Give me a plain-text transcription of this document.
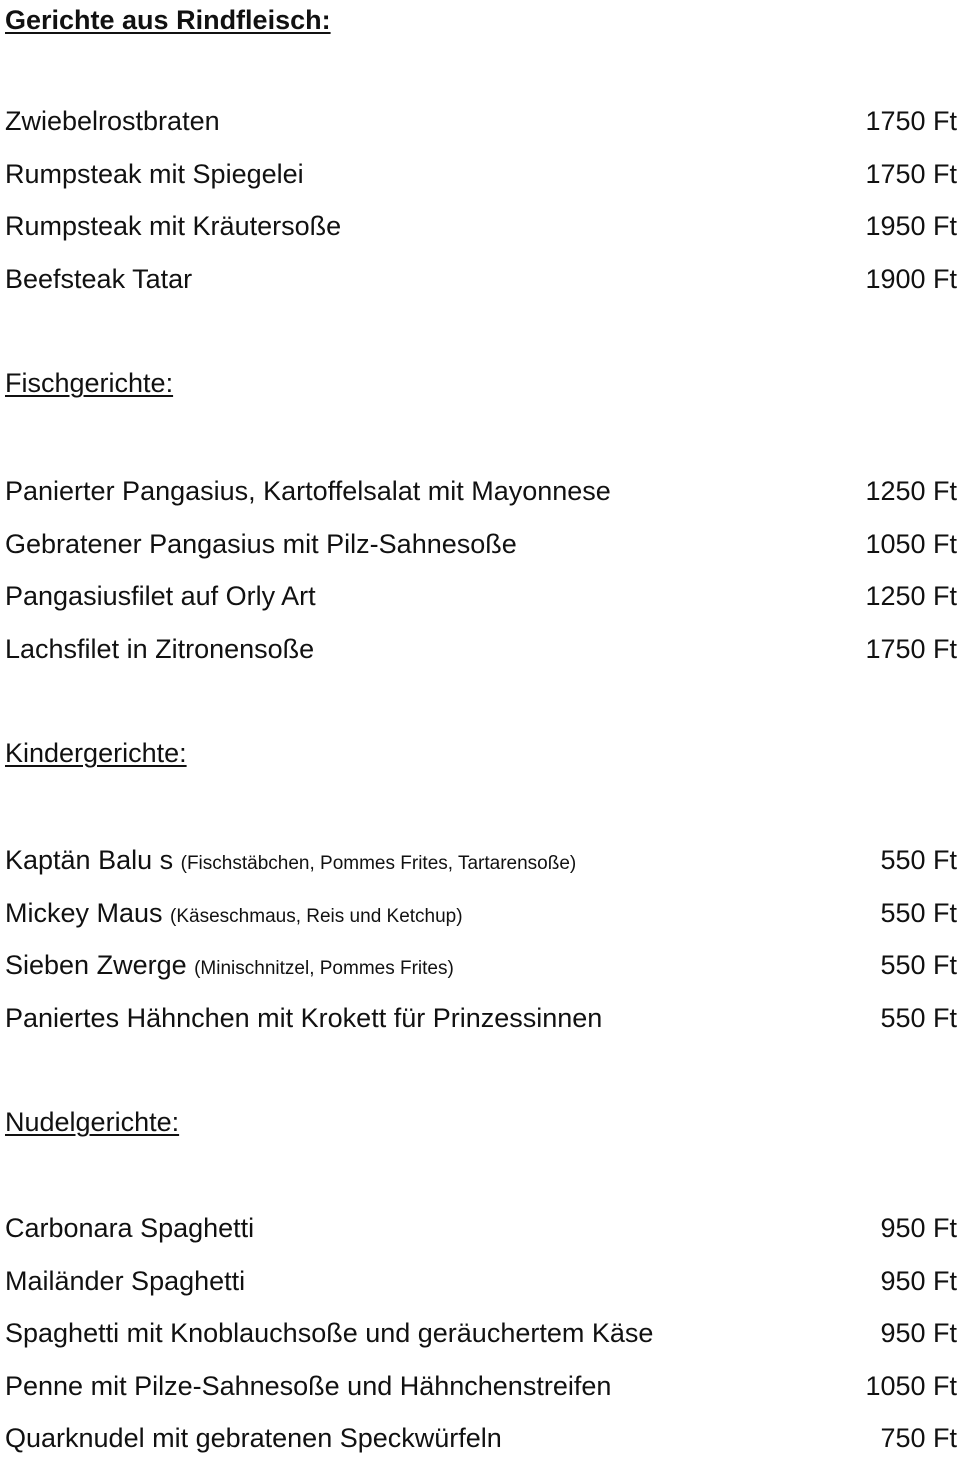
Gerichte aus Rindfleisch:
Zwiebelrostbraten	1750 Ft
Rumpsteak mit Spiegelei	1750 Ft
Rumpsteak mit Kräutersoße	1950 Ft
Beefsteak Tatar	1900 Ft
Fischgerichte:
Panierter Pangasius, Kartoffelsalat mit Mayonnese	1250 Ft
Gebratener Pangasius mit Pilz-Sahnesoße	1050 Ft
Pangasiusfilet auf Orly Art	1250 Ft
Lachsfilet in Zitronensoße	1750 Ft
Kindergerichte:
Kaptän Balu s (Fischstäbchen, Pommes Frites, Tartarensoße)	550 Ft
Mickey Maus (Käseschmaus, Reis und Ketchup)	550 Ft
Sieben Zwerge (Minischnitzel, Pommes Frites)	550 Ft
Paniertes Hähnchen mit Krokett für Prinzessinnen	550 Ft
Nudelgerichte:
Carbonara Spaghetti	950 Ft
Mailänder Spaghetti	950 Ft
Spaghetti mit Knoblauchsoße und geräuchertem Käse	950 Ft
Penne mit Pilze-Sahnesoße und Hähnchenstreifen	1050 Ft
Quarknudel mit gebratenen Speckwürfeln	750 Ft
